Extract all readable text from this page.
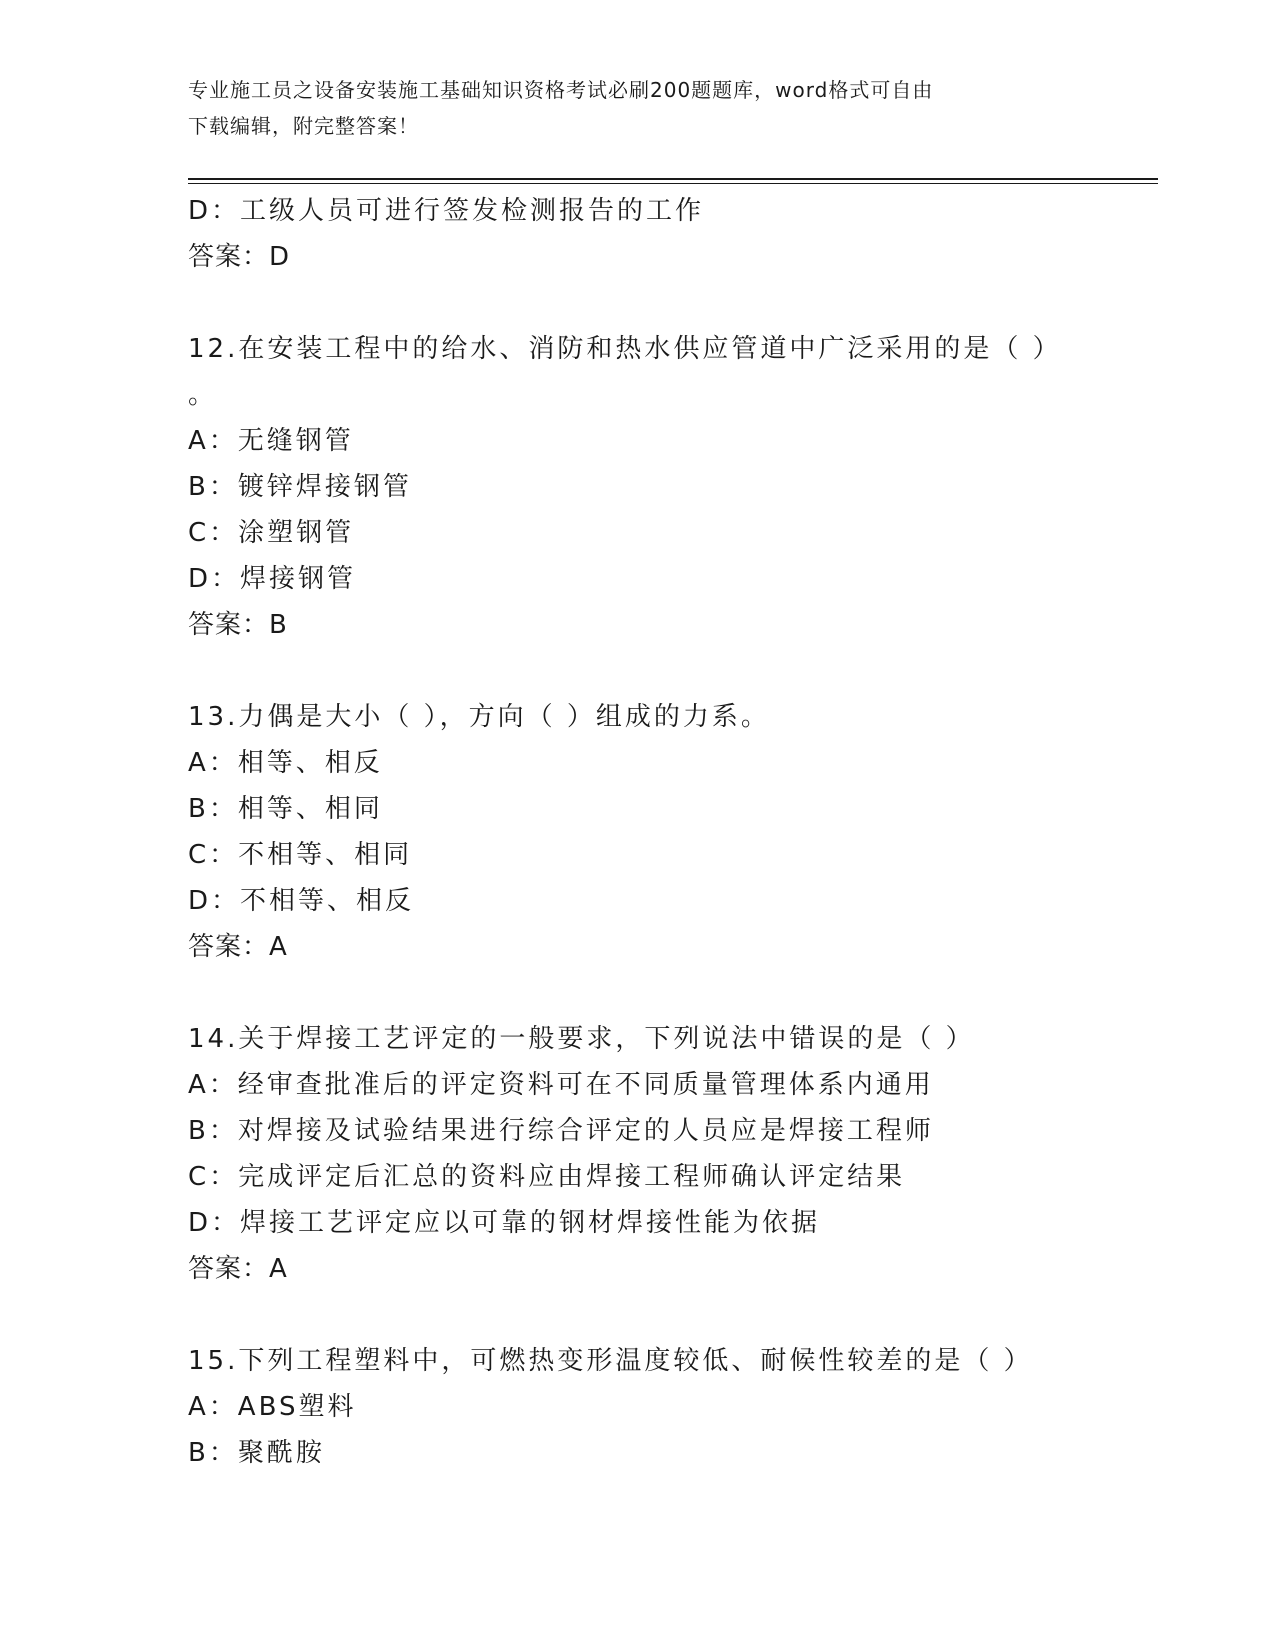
专业施工员之设备安装施工基础知识资格考试必刷200题题库，word格式可自由
下载编辑，附完整答案！
D：工级人员可进行签发检测报告的工作
答案：D
12.在安装工程中的给水、消防和热水供应管道中广泛采用的是（ ）
。
A：无缝钢管
B：镀锌焊接钢管
C：涂塑钢管
D：焊接钢管
答案：B
13.力偶是大小（ ），方向（ ）组成的力系。
A：相等、相反
B：相等、相同
C：不相等、相同
D：不相等、相反
答案：A
14.关于焊接工艺评定的一般要求，下列说法中错误的是（ ）
A：经审查批准后的评定资料可在不同质量管理体系内通用
B：对焊接及试验结果进行综合评定的人员应是焊接工程师
C：完成评定后汇总的资料应由焊接工程师确认评定结果
D：焊接工艺评定应以可靠的钢材焊接性能为依据
答案：A
15.下列工程塑料中，可燃热变形温度较低、耐候性较差的是（ ）
A：ABS塑料
B：聚酰胺
